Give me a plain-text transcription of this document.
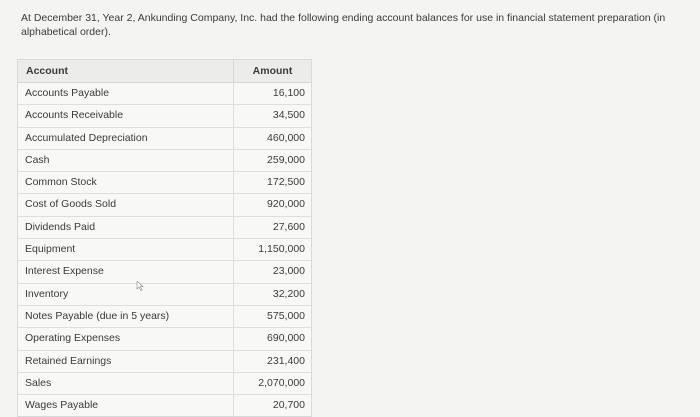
At December 31, Year 2, Ankunding Company, Inc. had the following ending account balances for use in financial statement preparation (in alphabetical order).
Account	Amount
Accounts Payable	16,100
Accounts Receivable	34,500
Accumulated Depreciation	460,000
Cash	259,000
Common Stock	172,500
Cost of Goods Sold	920,000
Dividends Paid	27,600
Equipment	1,150,000
Interest Expense	23,000
Inventory	32,200
Notes Payable (due in 5 years)	575,000
Operating Expenses	690,000
Retained Earnings	231,400
Sales	2,070,000
Wages Payable	20,700
